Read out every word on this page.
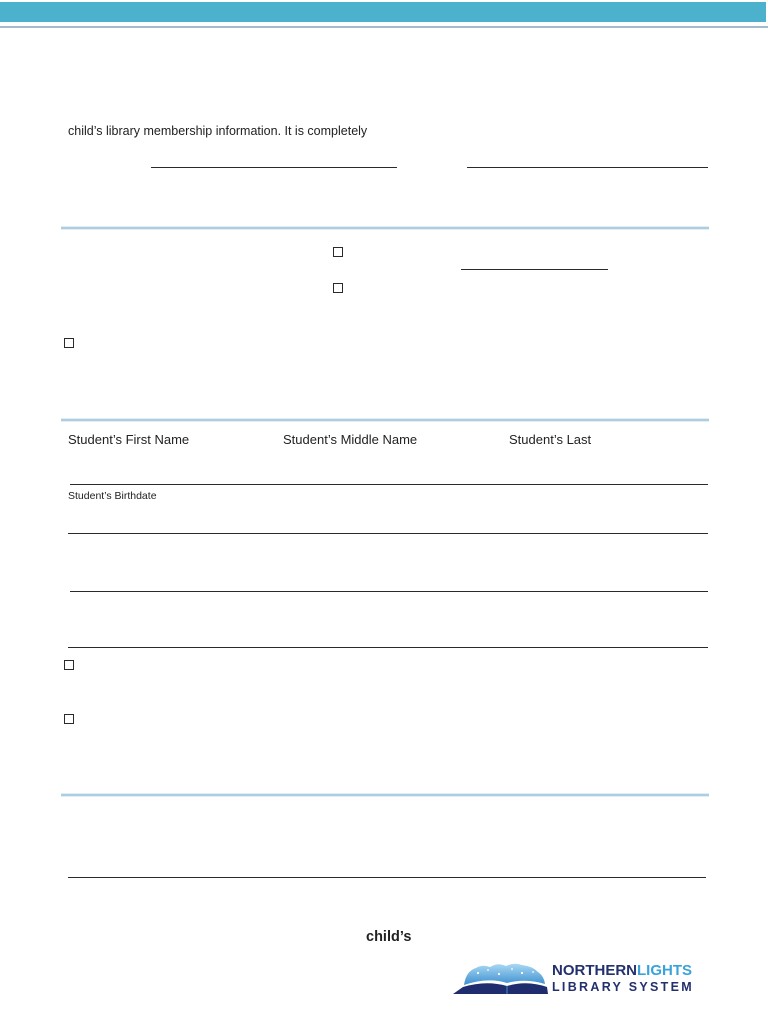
child’s library membership information. It is completely
Student’s First Name	Student’s Middle Name	Student’s Last
Student’s Birthdate
child’s
NORTHERNLIGHTS
LIBRARY SYSTEM
